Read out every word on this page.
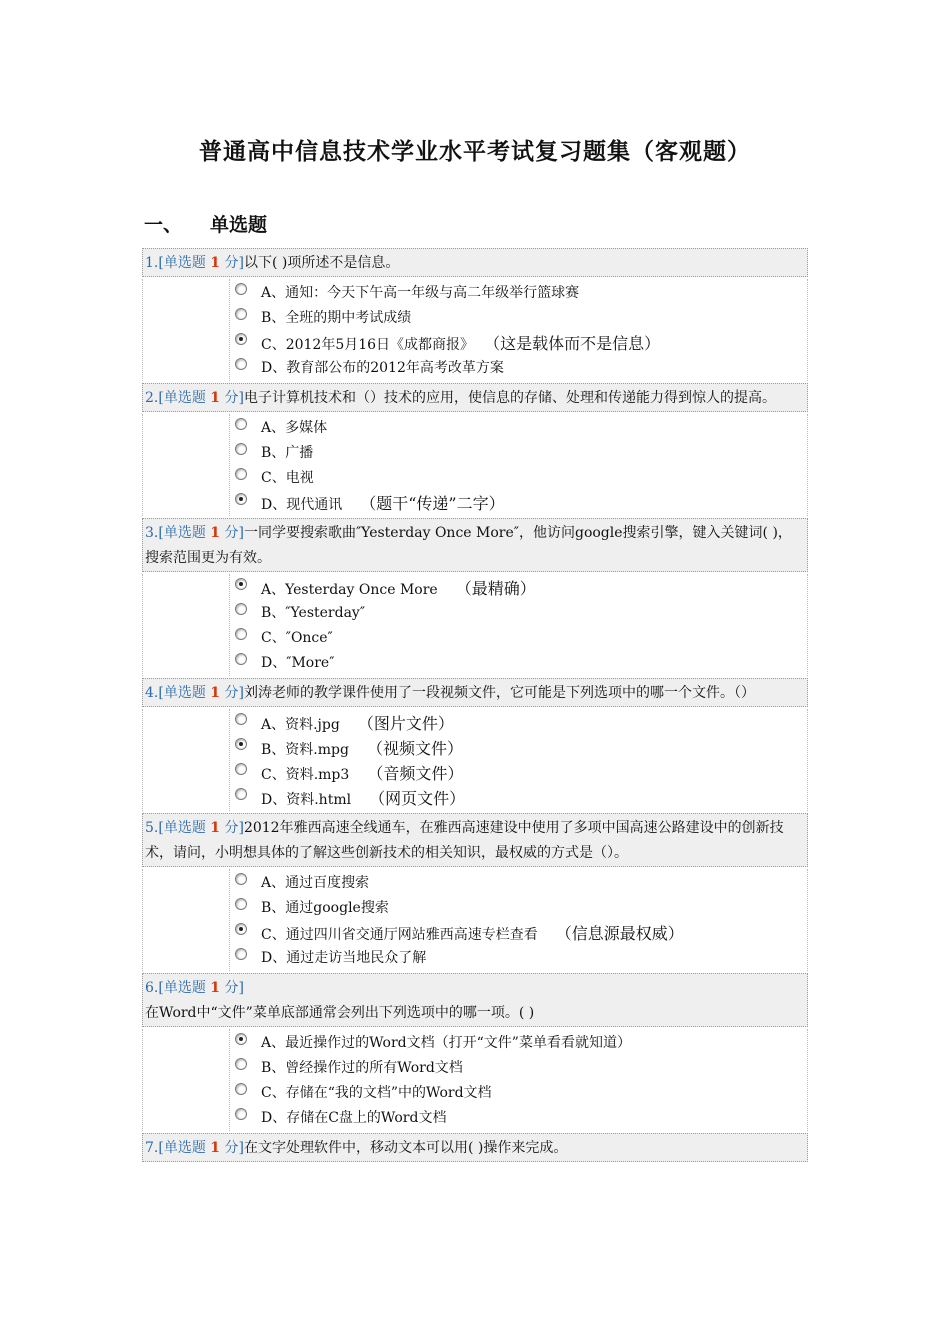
普通高中信息技术学业水平考试复习题集（客观题）
一、 单选题
1.[单选题 1 分]以下( )项所述不是信息。
A、通知：今天下午高一年级与高二年级举行篮球赛
B、全班的期中考试成绩
C、2012年5月16日《成都商报》 （这是载体而不是信息）
D、教育部公布的2012年高考改革方案
2.[单选题 1 分]电子计算机技术和（）技术的应用，使信息的存储、处理和传递能力得到惊人的提高。
A、多媒体
B、广播
C、电视
D、现代通讯 （题干“传递”二字）
3.[单选题 1 分]一同学要搜索歌曲″Yesterday Once More″，他访问google搜索引擎，键入关键词( )，搜索范围更为有效。
A、Yesterday Once More （最精确）
B、″Yesterday″
C、″Once″
D、″More″
4.[单选题 1 分]刘涛老师的教学课件使用了一段视频文件，它可能是下列选项中的哪一个文件。（）
A、资料.jpg （图片文件）
B、资料.mpg （视频文件）
C、资料.mp3 （音频文件）
D、资料.html （网页文件）
5.[单选题 1 分]2012年雅西高速全线通车，在雅西高速建设中使用了多项中国高速公路建设中的创新技术，请问，小明想具体的了解这些创新技术的相关知识，最权威的方式是（）。
A、通过百度搜索
B、通过google搜索
C、通过四川省交通厅网站雅西高速专栏查看 （信息源最权威）
D、通过走访当地民众了解
6.[单选题 1 分]
在Word中“文件”菜单底部通常会列出下列选项中的哪一项。( )
A、最近操作过的Word文档（打开“文件”菜单看看就知道）
B、曾经操作过的所有Word文档
C、存储在“我的文档”中的Word文档
D、存储在C盘上的Word文档
7.[单选题 1 分]在文字处理软件中，移动文本可以用( )操作来完成。
